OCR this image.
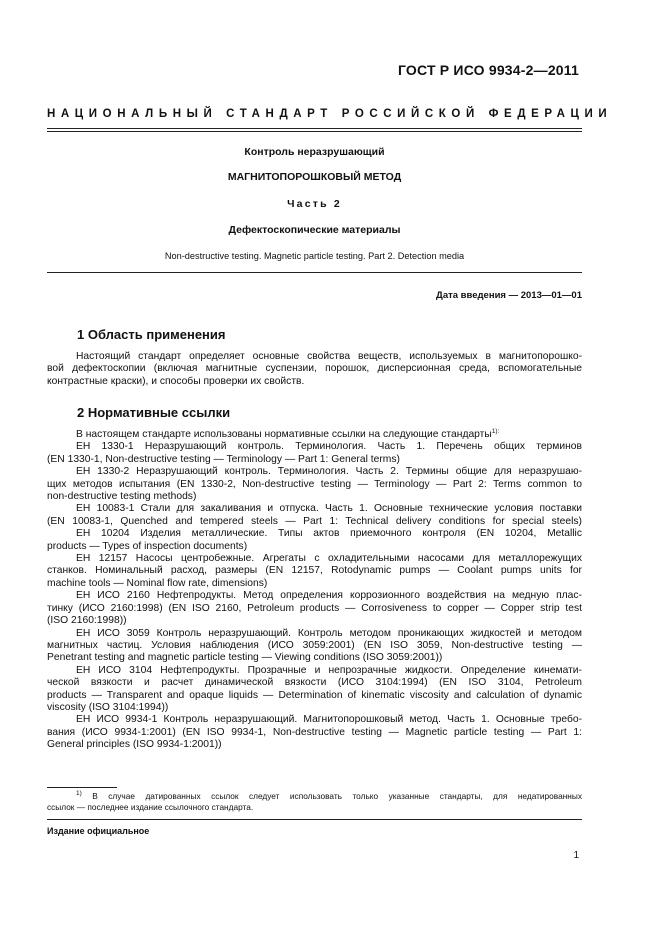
ГОСТ Р ИСО 9934-2—2011
НАЦИОНАЛЬНЫЙ СТАНДАРТ РОССИЙСКОЙ ФЕДЕРАЦИИ
Контроль неразрушающий
МАГНИТОПОРОШКОВЫЙ МЕТОД
Часть 2
Дефектоскопические материалы
Non-destructive testing. Magnetic particle testing. Part 2. Detection media
Дата введения — 2013—01—01
1 Область применения
Настоящий стандарт определяет основные свойства веществ, используемых в магнитопорошко-
вой дефектоскопии (включая магнитные суспензии, порошок, дисперсионная среда, вспомогательные
контрастные краски), и способы проверки их свойств.
2 Нормативные ссылки
В настоящем стандарте использованы нормативные ссылки на следующие стандарты$^{1):}$
ЕН 1330-1 Неразрушающий контроль. Терминология. Часть 1. Перечень общих терминов
(EN 1330-1, Non-destructive testing — Terminology — Part 1: General terms)
ЕН 1330-2 Неразрушающий контроль. Терминология. Часть 2. Термины общие для неразрушаю-
щих методов испытания (EN 1330-2, Non-destructive testing — Terminology — Part 2: Terms common to
non-destructive testing methods)
ЕН 10083-1 Стали для закаливания и отпуска. Часть 1. Основные технические условия поставки
(EN 10083-1, Quenched and tempered steels — Part 1: Technical delivery conditions for special steels)
ЕН 10204 Изделия металлические. Типы актов приемочного контроля (EN 10204, Metallic
products — Types of inspection documents)
ЕН 12157 Насосы центробежные. Агрегаты с охладительными насосами для металлорежущих
станков. Номинальный расход, размеры (EN 12157, Rotodynamic pumps — Coolant pumps units for
machine tools — Nominal flow rate, dimensions)
ЕН ИСО 2160 Нефтепродукты. Метод определения коррозионного воздействия на медную плас-
тинку (ИСО 2160:1998) (EN ISO 2160, Petroleum products — Corrosiveness to copper — Copper strip test
(ISO 2160:1998))
ЕН ИСО 3059 Контроль неразрушающий. Контроль методом проникающих жидкостей и методом
магнитных частиц. Условия наблюдения (ИСО 3059:2001) (EN ISO 3059, Non-destructive testing —
Penetrant testing and magnetic particle testing — Viewing conditions (ISO 3059:2001))
ЕН ИСО 3104 Нефтепродукты. Прозрачные и непрозрачные жидкости. Определение кинемати-
ческой вязкости и расчет динамической вязкости (ИСО 3104:1994) (EN ISO 3104, Petroleum
products — Transparent and opaque liquids — Determination of kinematic viscosity and calculation of dynamic
viscosity (ISO 3104:1994))
ЕН ИСО 9934-1 Контроль неразрушающий. Магнитопорошковый метод. Часть 1. Основные требо-
вания (ИСО 9934-1:2001) (EN ISO 9934-1, Non-destructive testing — Magnetic particle testing — Part 1:
General principles (ISO 9934-1:2001))
$^{1)}$ В случае датированных ссылок следует использовать только указанные стандарты, для недатированных
ссылок — последнее издание ссылочного стандарта.
Издание официальное
1
